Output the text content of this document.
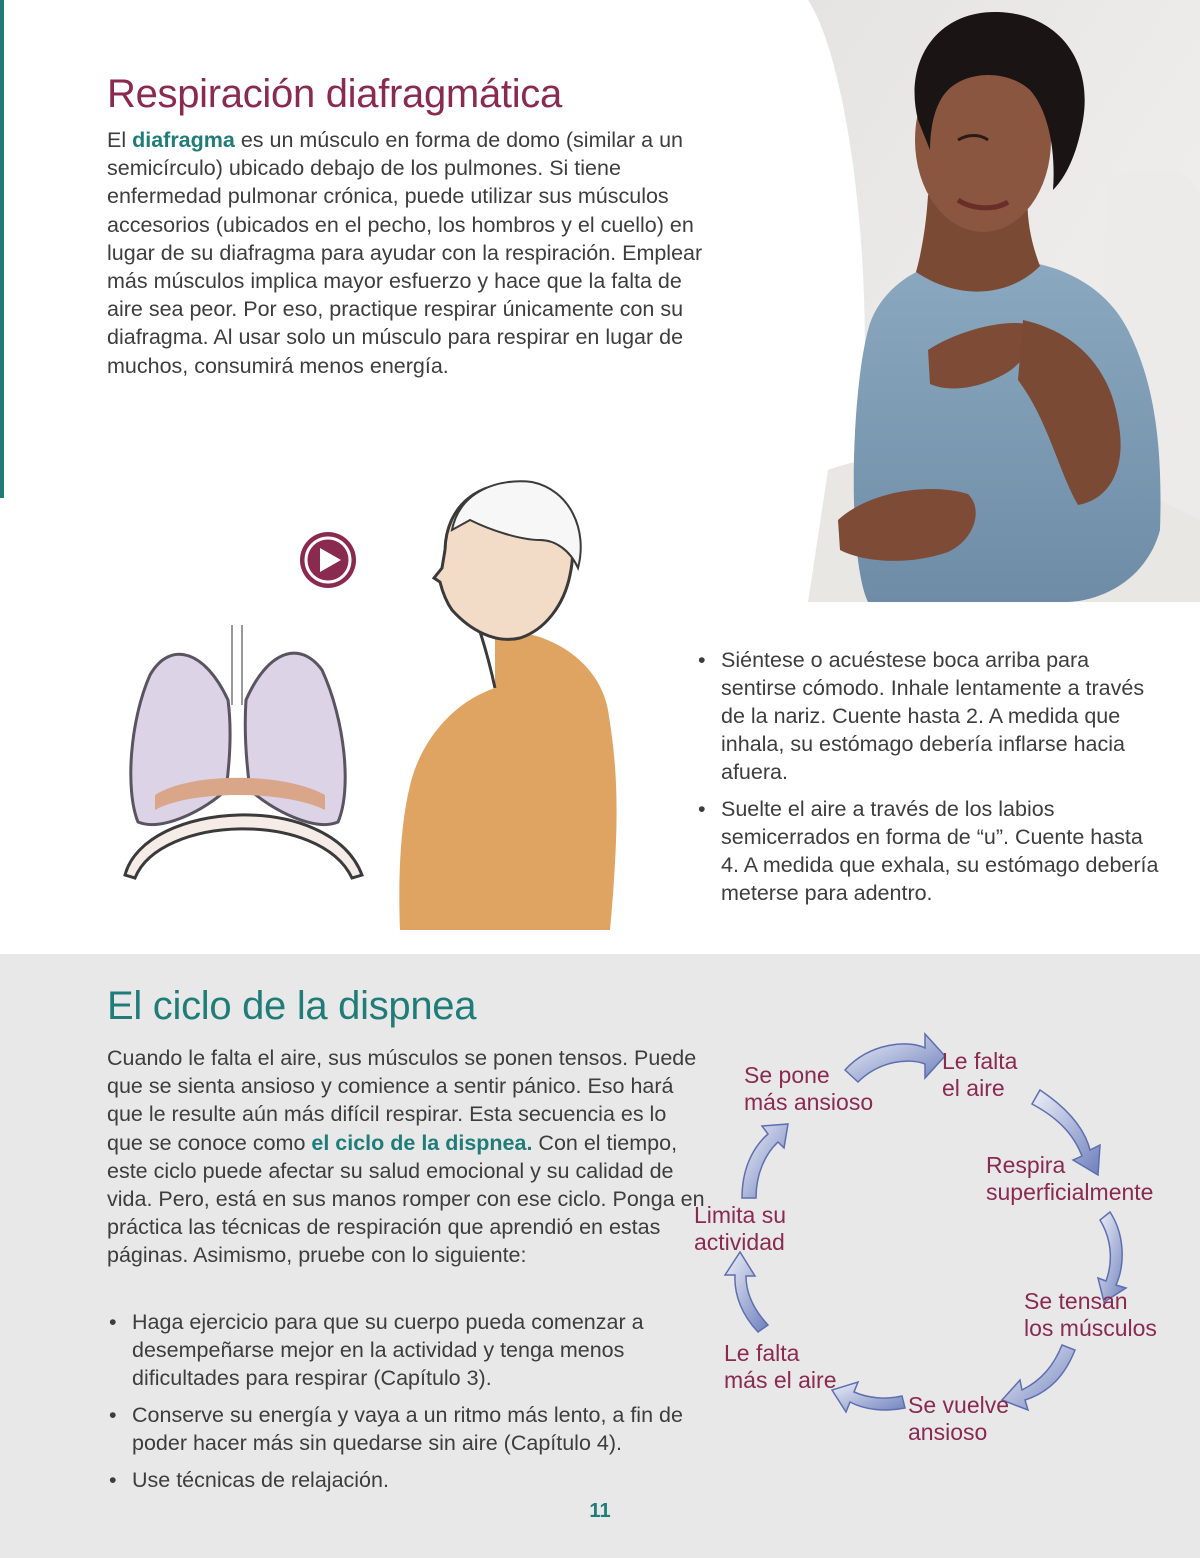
Respiración diafragmática

El diafragma es un músculo en forma de domo (similar a un semicírculo) ubicado debajo de los pulmones. Si tiene enfermedad pulmonar crónica, puede utilizar sus músculos accesorios (ubicados en el pecho, los hombros y el cuello) en lugar de su diafragma para ayudar con la respiración. Emplear más músculos implica mayor esfuerzo y hace que la falta de aire sea peor. Por eso, practique respirar únicamente con su diafragma. Al usar solo un músculo para respirar en lugar de muchos, consumirá menos energía.

• Siéntese o acuéstese boca arriba para sentirse cómodo. Inhale lentamente a través de la nariz. Cuente hasta 2. A medida que inhala, su estómago debería inflarse hacia afuera.
• Suelte el aire a través de los labios semicerrados en forma de “u”. Cuente hasta 4. A medida que exhala, su estómago debería meterse para adentro.
El ciclo de la dispnea

Cuando le falta el aire, sus músculos se ponen tensos. Puede que se sienta ansioso y comience a sentir pánico. Eso hará que le resulte aún más difícil respirar. Esta secuencia es lo que se conoce como el ciclo de la dispnea. Con el tiempo, este ciclo puede afectar su salud emocional y su calidad de vida. Pero, está en sus manos romper con ese ciclo. Ponga en práctica las técnicas de respiración que aprendió en estas páginas. Asimismo, pruebe con lo siguiente:

• Haga ejercicio para que su cuerpo pueda comenzar a desempeñarse mejor en la actividad y tenga menos dificultades para respirar (Capítulo 3).
• Conserve su energía y vaya a un ritmo más lento, a fin de poder hacer más sin quedarse sin aire (Capítulo 4).
• Use técnicas de relajación.
Le falta
el aire
Respira
superficialmente
Se tensan
los músculos
Se vuelve
ansioso
Le falta
más el aire
Limita su
actividad
Se pone
más ansioso
11
